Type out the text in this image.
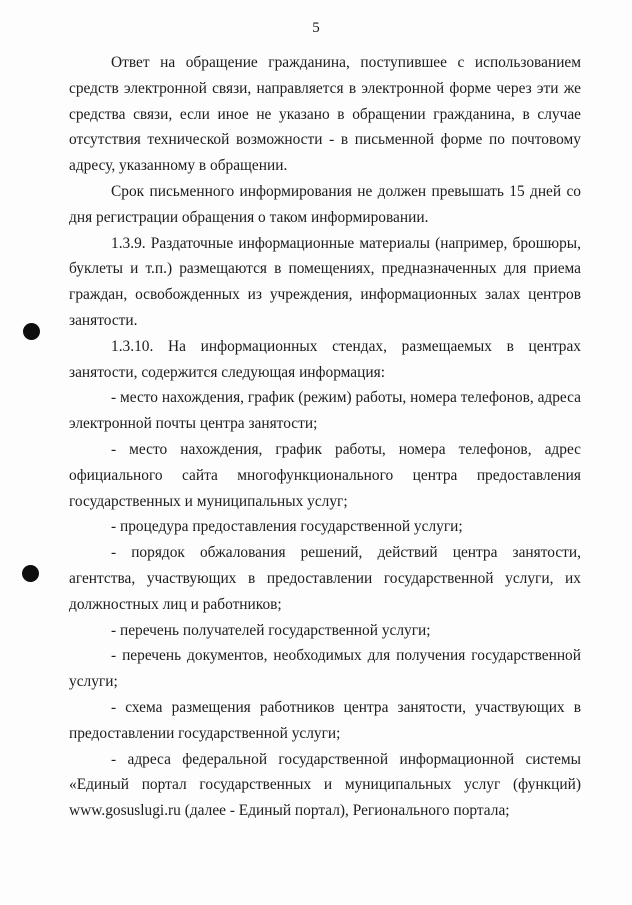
5

Ответ на обращение гражданина, поступившее с использованием средств электронной связи, направляется в электронной форме через эти же средства связи, если иное не указано в обращении гражданина, в случае отсутствия технической возможности - в письменной форме по почтовому адресу, указанному в обращении.

Срок письменного информирования не должен превышать 15 дней со дня регистрации обращения о таком информировании.

1.3.9. Раздаточные информационные материалы (например, брошюры, буклеты и т.п.) размещаются в помещениях, предназначенных для приема граждан, освобожденных из учреждения, информационных залах центров занятости.

1.3.10. На информационных стендах, размещаемых в центрах занятости, содержится следующая информация:

- место нахождения, график (режим) работы, номера телефонов, адреса электронной почты центра занятости;

- место нахождения, график работы, номера телефонов, адрес официального сайта многофункционального центра предоставления государственных и муниципальных услуг;

- процедура предоставления государственной услуги;

- порядок обжалования решений, действий центра занятости, агентства, участвующих в предоставлении государственной услуги, их должностных лиц и работников;

- перечень получателей государственной услуги;

- перечень документов, необходимых для получения государственной услуги;

- схема размещения работников центра занятости, участвующих в предоставлении государственной услуги;

- адреса федеральной государственной информационной системы «Единый портал государственных и муниципальных услуг (функций) www.gosuslugi.ru (далее - Единый портал), Регионального портала;
